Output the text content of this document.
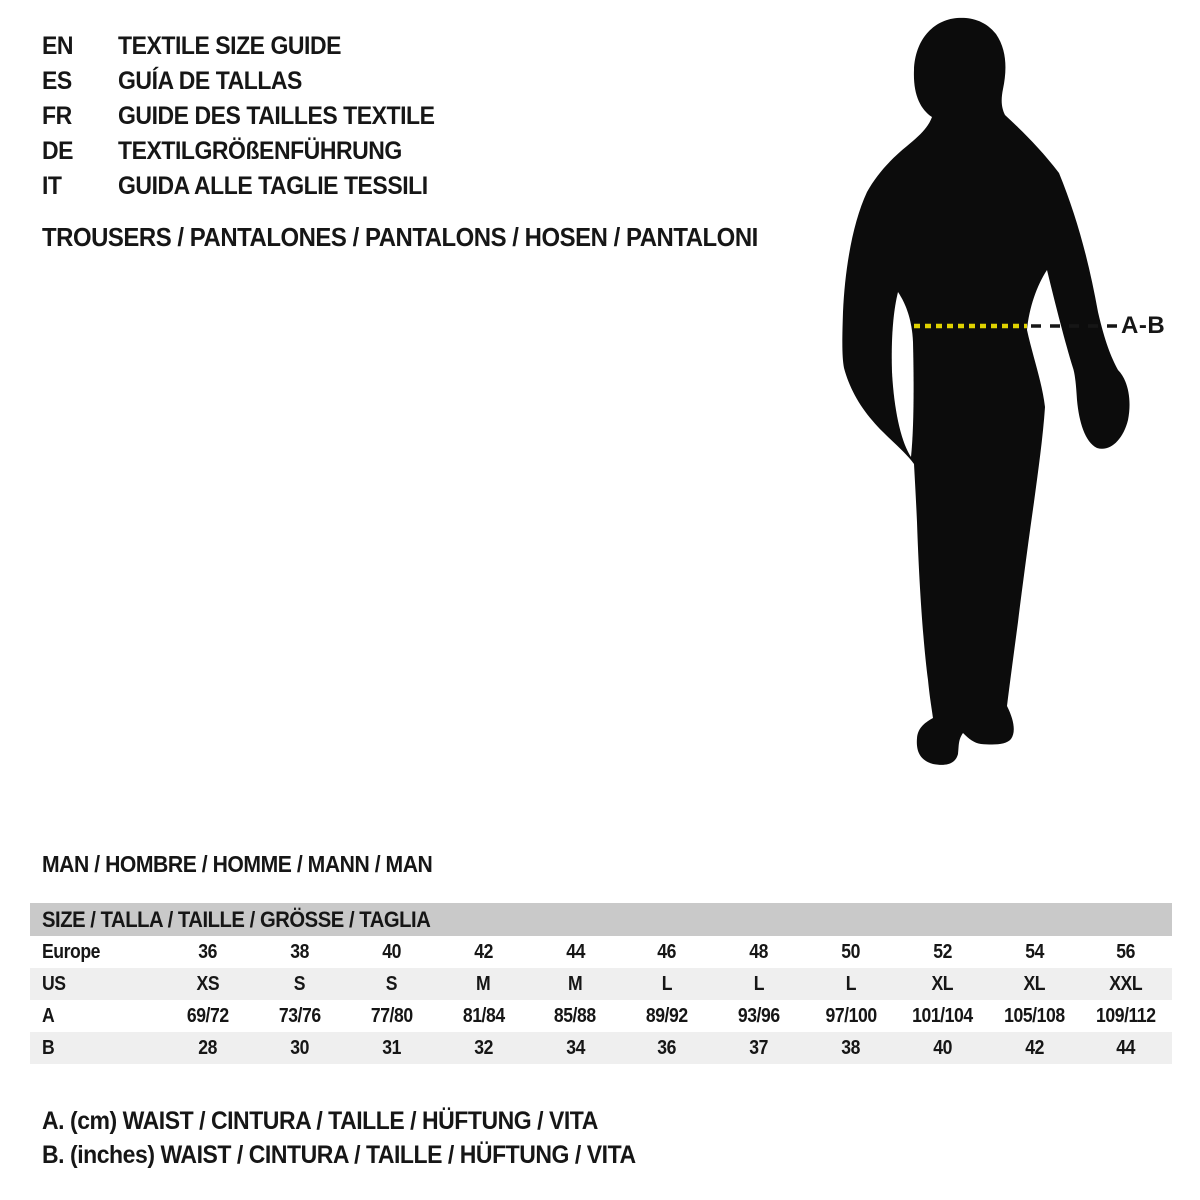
EN	TEXTILE SIZE GUIDE
ES	GUÍA DE TALLAS
FR	GUIDE DES TAILLES TEXTILE
DE	TEXTILGRÖßENFÜHRUNG
IT	GUIDA ALLE TAGLIE TESSILI
TROUSERS / PANTALONES / PANTALONS / HOSEN / PANTALONI
A-B
MAN / HOMBRE / HOMME / MANN / MAN
SIZE / TALLA / TAILLE / GRÖSSE / TAGLIA
Europe	36	38	40	42	44	46	48	50	52	54	56
US	XS	S	S	M	M	L	L	L	XL	XL	XXL
A	69/72 73/76 77/80 81/84 85/88 89/92 93/96 97/100 101/104 105/108 109/112
B	28	30	31	32	34	36	37	38	40	42	44

A. (cm) WAIST / CINTURA / TAILLE / HÜFTUNG / VITA

B. (inches) WAIST / CINTURA / TAILLE / HÜFTUNG / VITA
